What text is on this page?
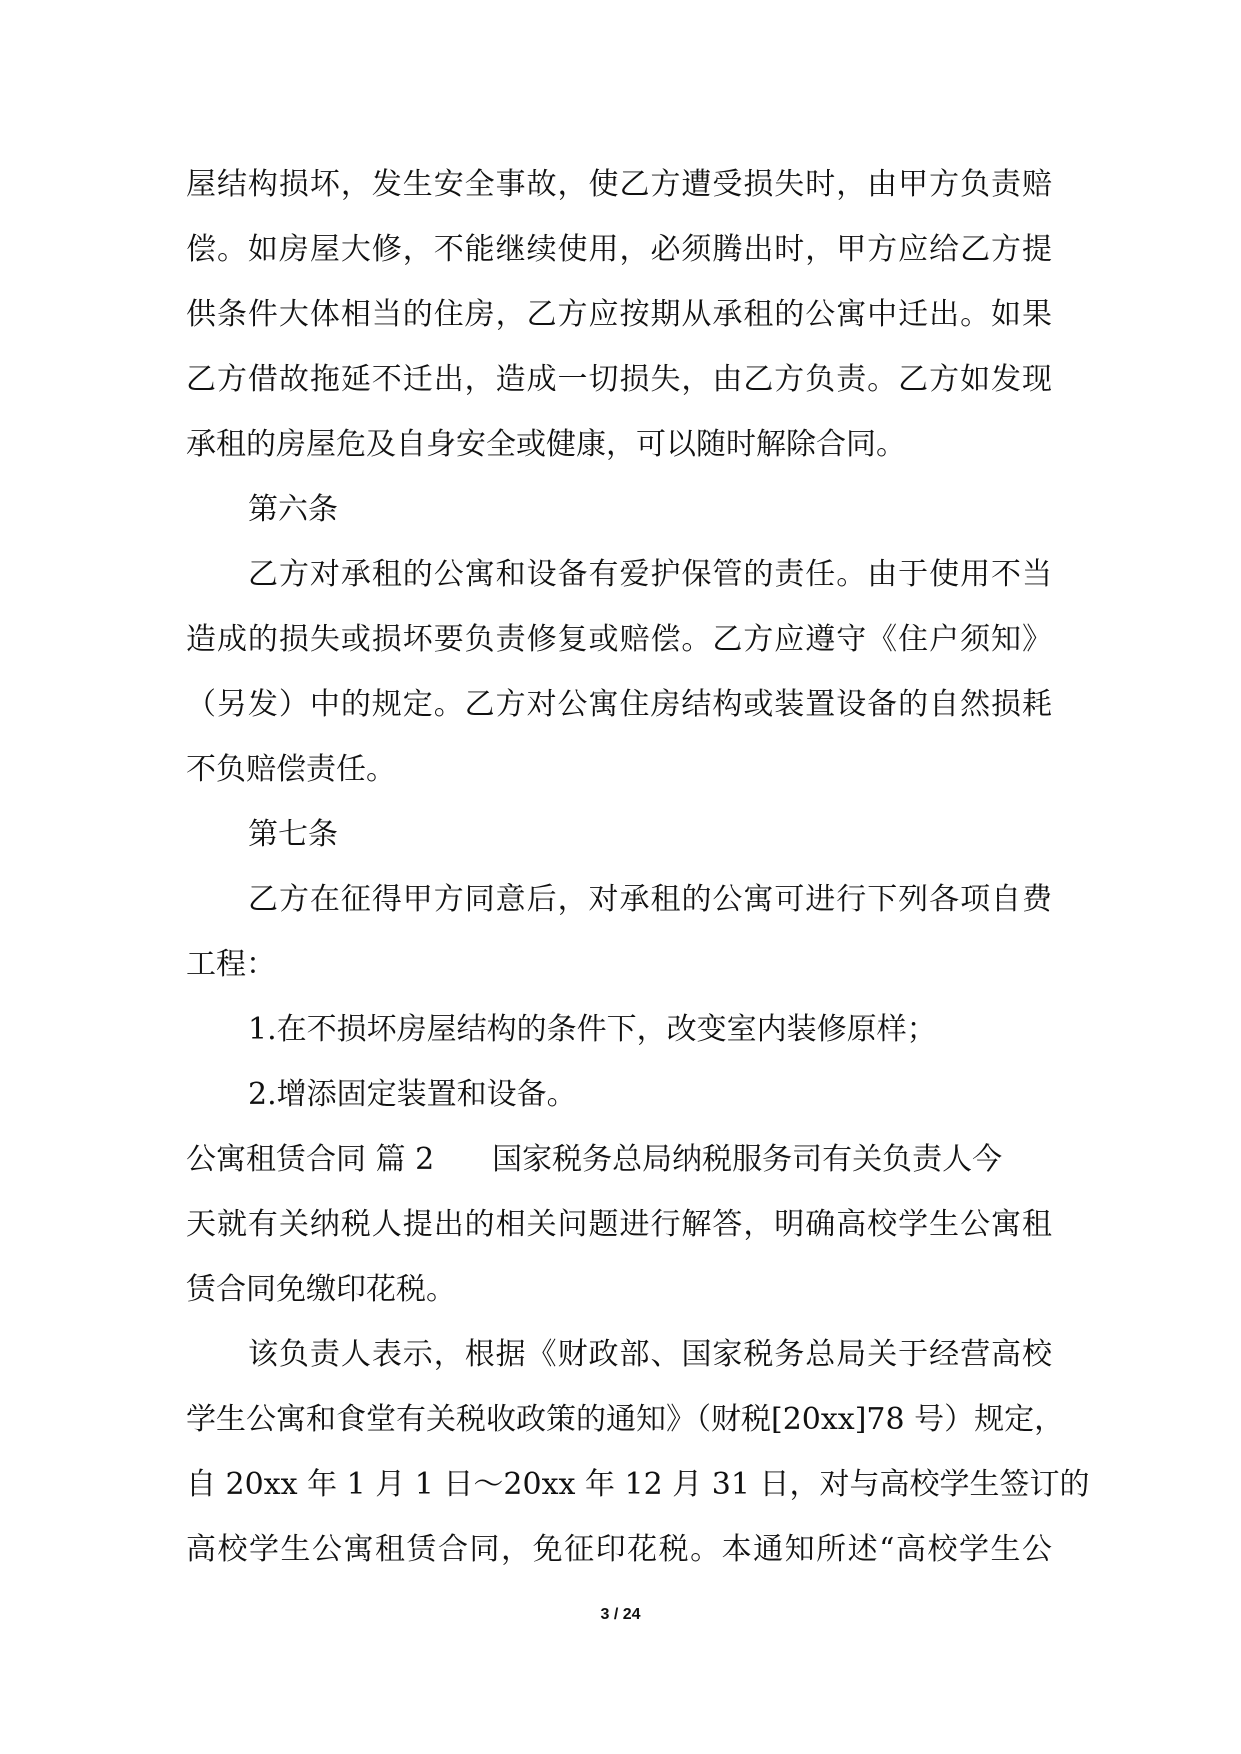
屋结构损坏，发生安全事故，使乙方遭受损失时，由甲方负责赔
偿。如房屋大修，不能继续使用，必须腾出时，甲方应给乙方提
供条件大体相当的住房，乙方应按期从承租的公寓中迁出。如果
乙方借故拖延不迁出，造成一切损失，由乙方负责。乙方如发现
承租的房屋危及自身安全或健康，可以随时解除合同。
第六条
乙方对承租的公寓和设备有爱护保管的责任。由于使用不当
造成的损失或损坏要负责修复或赔偿。乙方应遵守《住户须知》
（另发）中的规定。乙方对公寓住房结构或装置设备的自然损耗
不负赔偿责任。
第七条
乙方在征得甲方同意后，对承租的公寓可进行下列各项自费
工程：
1.在不损坏房屋结构的条件下，改变室内装修原样；
2.增添固定装置和设备。
公寓租赁合同 篇 2 国家税务总局纳税服务司有关负责人今
天就有关纳税人提出的相关问题进行解答，明确高校学生公寓租
赁合同免缴印花税。
该负责人表示，根据《财政部、国家税务总局关于经营高校
学生公寓和食堂有关税收政策的通知》（财税[20xx]78 号）规定，
自 20xx 年 1 月 1 日～20xx 年 12 月 31 日，对与高校学生签订的
高校学生公寓租赁合同，免征印花税。本通知所述“高校学生公
3 / 24
